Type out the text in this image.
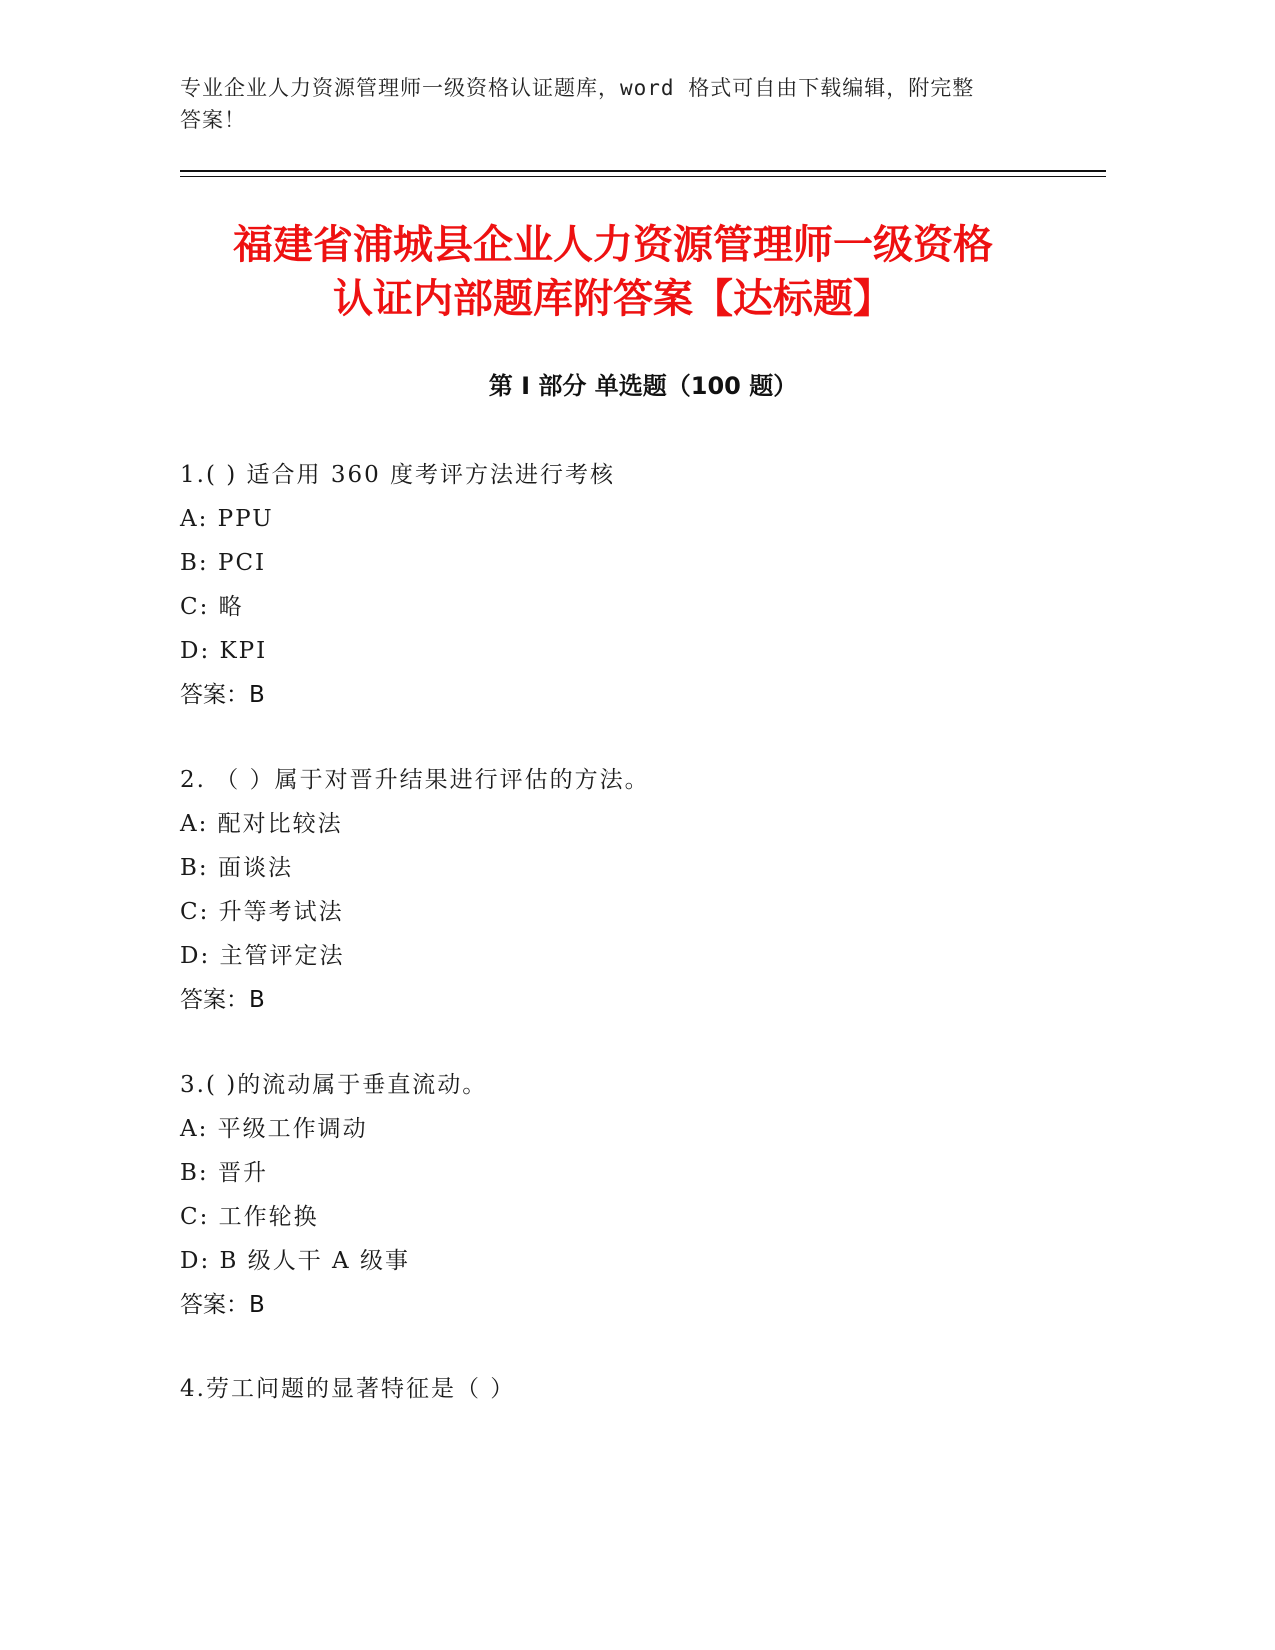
专业企业人力资源管理师一级资格认证题库，word 格式可自由下载编辑，附完整
答案！
福建省浦城县企业人力资源管理师一级资格
认证内部题库附答案【达标题】
第 I 部分 单选题（100 题）
1.( ) 适合用 360 度考评方法进行考核
A: PPU
B: PCI
C: 略
D: KPI
答案：B
2. （ ）属于对晋升结果进行评估的方法。
A: 配对比较法
B: 面谈法
C: 升等考试法
D: 主管评定法
答案：B
3.( )的流动属于垂直流动。
A: 平级工作调动
B: 晋升
C: 工作轮换
D: B 级人干 A 级事
答案：B
4.劳工问题的显著特征是（ ）
